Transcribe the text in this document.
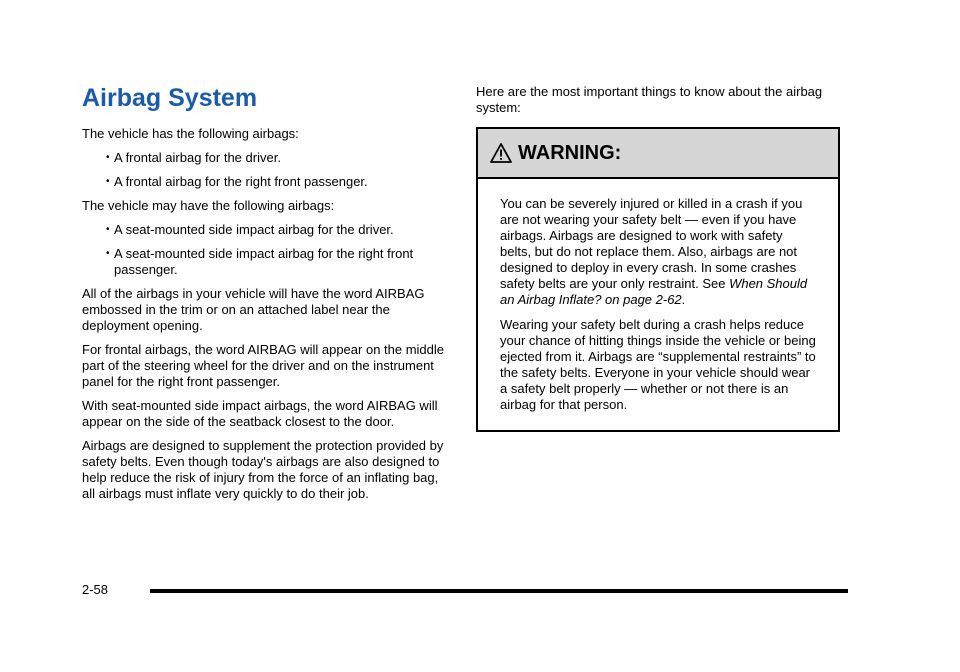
Airbag System

The vehicle has the following airbags:

• A frontal airbag for the driver.
• A frontal airbag for the right front passenger.

The vehicle may have the following airbags:

• A seat-mounted side impact airbag for the driver.
• A seat-mounted side impact airbag for the right front passenger.

All of the airbags in your vehicle will have the word AIRBAG embossed in the trim or on an attached label near the deployment opening.

For frontal airbags, the word AIRBAG will appear on the middle part of the steering wheel for the driver and on the instrument panel for the right front passenger.

With seat-mounted side impact airbags, the word AIRBAG will appear on the side of the seatback closest to the door.

Airbags are designed to supplement the protection provided by safety belts. Even though today's airbags are also designed to help reduce the risk of injury from the force of an inflating bag, all airbags must inflate very quickly to do their job.

Here are the most important things to know about the airbag system:

WARNING:

You can be severely injured or killed in a crash if you are not wearing your safety belt — even if you have airbags. Airbags are designed to work with safety belts, but do not replace them. Also, airbags are not designed to deploy in every crash. In some crashes safety belts are your only restraint. See When Should an Airbag Inflate? on page 2-62.

Wearing your safety belt during a crash helps reduce your chance of hitting things inside the vehicle or being ejected from it. Airbags are “supplemental restraints” to the safety belts. Everyone in your vehicle should wear a safety belt properly — whether or not there is an airbag for that person.

2-58
